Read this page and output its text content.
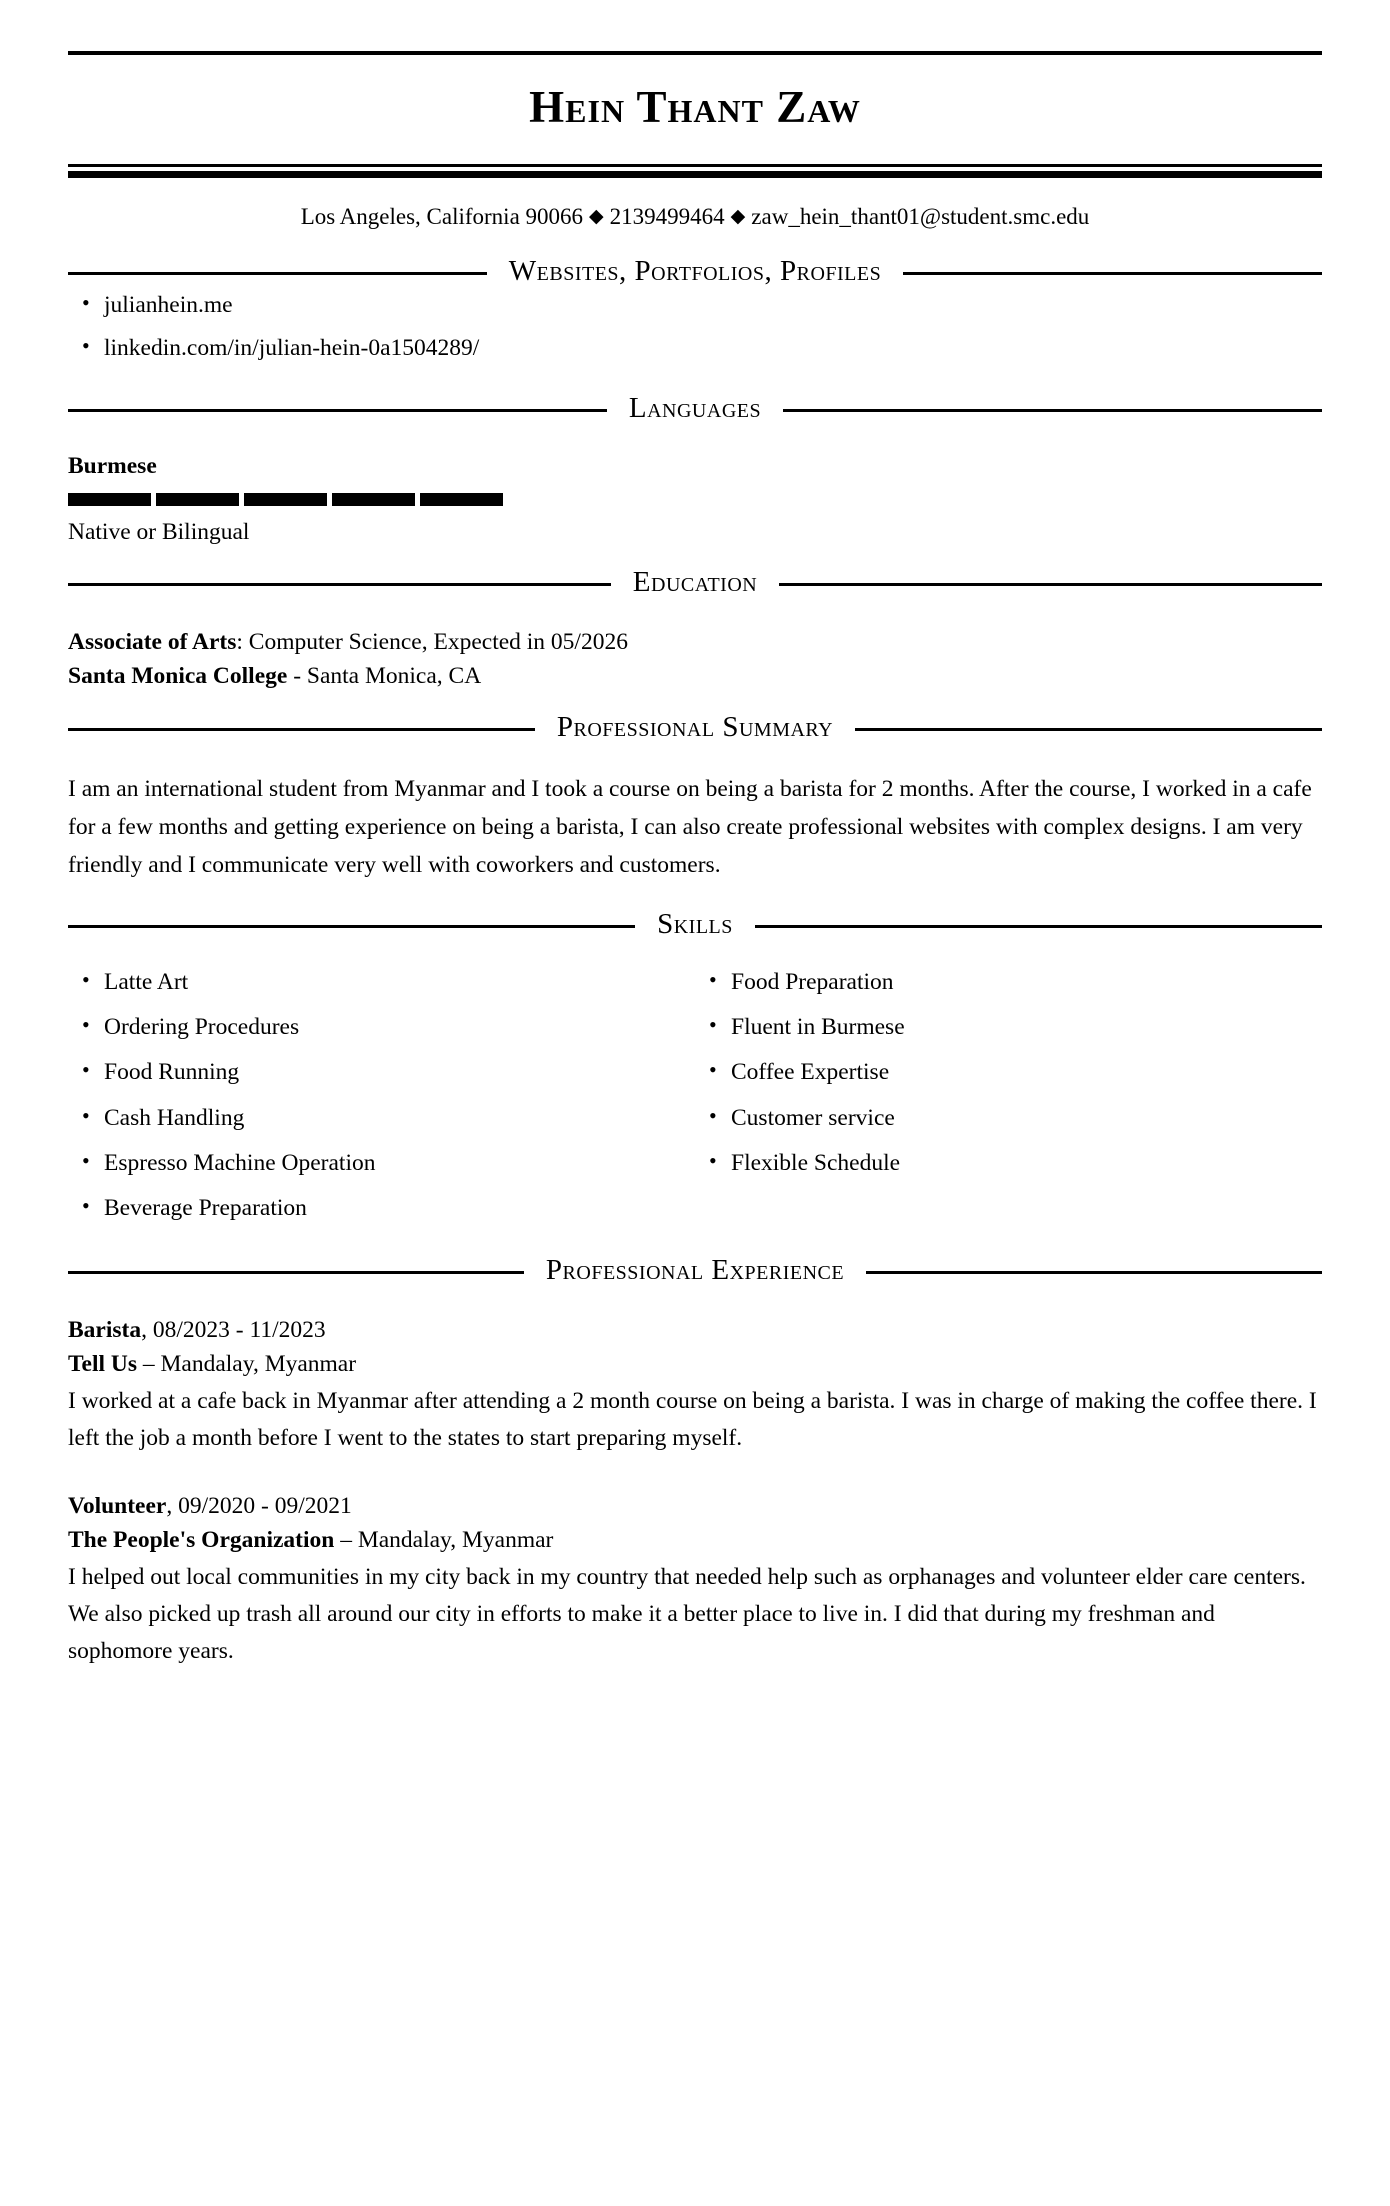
Hein Thant Zaw
Los Angeles, California 90066 ◆ 2139499464 ◆ zaw_hein_thant01@student.smc.edu
Websites, Portfolios, Profiles
• julianhein.me
• linkedin.com/in/julian-hein-0a1504289/
Languages
Burmese
Native or Bilingual
Education
Associate of Arts: Computer Science, Expected in 05/2026
Santa Monica College - Santa Monica, CA
Professional Summary
I am an international student from Myanmar and I took a course on being a barista for 2 months. After the course, I worked in a cafe for a few months and getting experience on being a barista, I can also create professional websites with complex designs. I am very friendly and I communicate very well with coworkers and customers.
Skills
• Latte Art
• Ordering Procedures
• Food Running
• Cash Handling
• Espresso Machine Operation
• Beverage Preparation
• Food Preparation
• Fluent in Burmese
• Coffee Expertise
• Customer service
• Flexible Schedule
Professional Experience
Barista, 08/2023 - 11/2023
Tell Us – Mandalay, Myanmar
I worked at a cafe back in Myanmar after attending a 2 month course on being a barista. I was in charge of making the coffee there. I left the job a month before I went to the states to start preparing myself.
Volunteer, 09/2020 - 09/2021
The People's Organization – Mandalay, Myanmar
I helped out local communities in my city back in my country that needed help such as orphanages and volunteer elder care centers. We also picked up trash all around our city in efforts to make it a better place to live in. I did that during my freshman and sophomore years.
